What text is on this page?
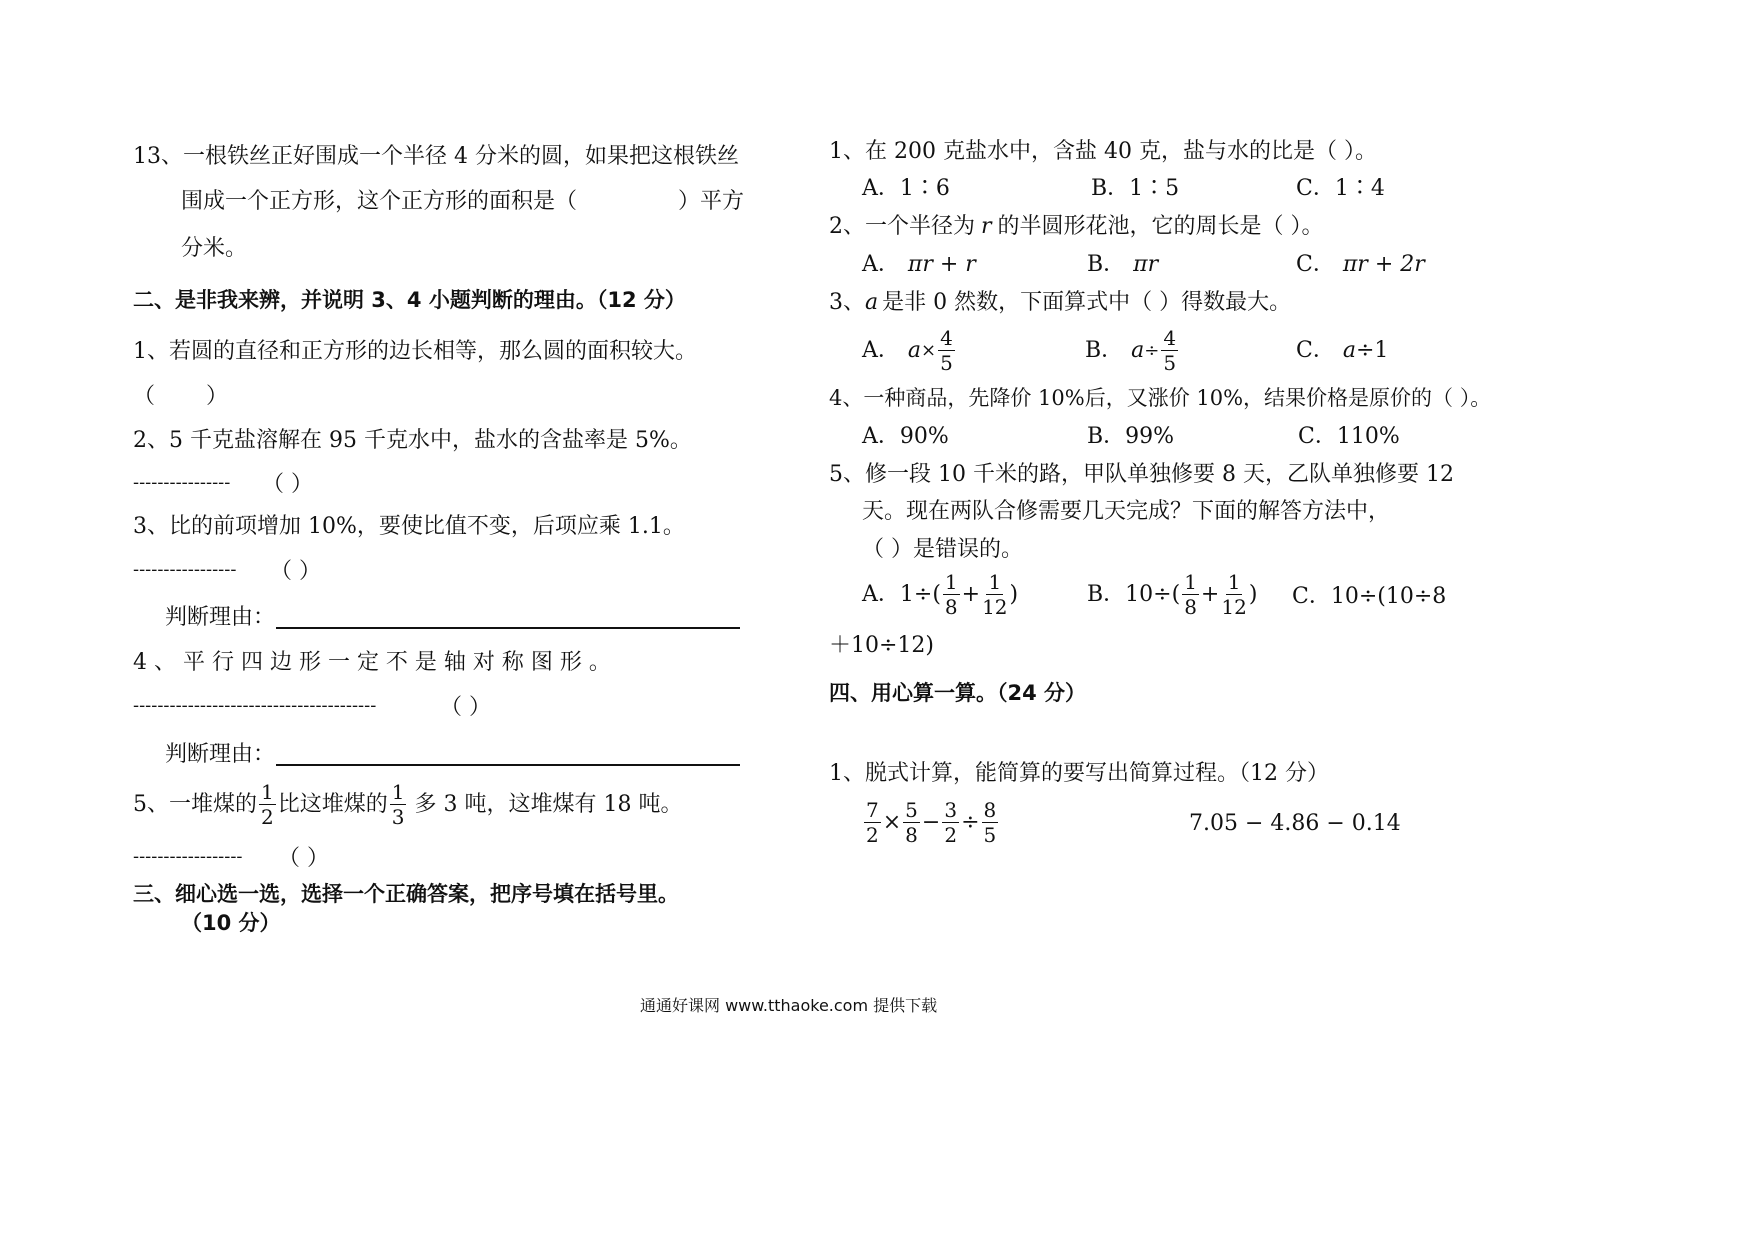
13、一根铁丝正好围成一个半径 4 分米的圆，如果把这根铁丝
围成一个正方形，这个正方形的面积是（	）平方
分米。
二、是非我来辨，并说明 3、4 小题判断的理由。（12 分）
1、若圆的直径和正方形的边长相等，那么圆的面积较大。
（ ）
2、5 千克盐溶解在 95 千克水中，盐水的含盐率是 5%。
---------------- （ ）
3、比的前项增加 10%，要使比值不变，后项应乘 1.1。
----------------- （ ）
判断理由：
4 、 平 行 四 边 形 一 定 不 是 轴 对 称 图 形 。
----------------------------------------	（ ）
判断理由：
5、一堆煤的 $\frac{1}{2}$ 比这堆煤的 $\frac{1}{3}$ 多 3 吨，这堆煤有 18 吨。
------------------ （ ）
三、细心选一选，选择一个正确答案，把序号填在括号里。
（10 分）
1、在 200 克盐水中，含盐 40 克，盐与水的比是（ ）。
A．1∶6	B．1∶5	C．1∶4
2、一个半径为 r 的半圆形花池，它的周长是（ ）。
A． πr + r	B． πr	C． πr + 2r
3、a 是非 0 然数，下面算式中（ ）得数最大。
A． $a \times \frac{4}{5}$	B． $a \div \frac{4}{5}$	C． a÷1
4、一种商品，先降价 10%后，又涨价 10%，结果价格是原价的（ ）。
A．90%	B．99%	C．110%
5、修一段 10 千米的路，甲队单独修要 8 天，乙队单独修要 12
天。现在两队合修需要几天完成？下面的解答方法中，
（ ）是错误的。
A．$1\div( \frac{1}{8} + \frac{1}{12}$ )	B．$10\div( \frac{1}{8} + \frac{1}{12}$ ) C．10÷(10÷8
＋10÷12)
四、用心算一算。（24 分）
1、脱式计算，能简算的要写出简算过程。（12 分）
$\frac{7}{2} \times \frac{5}{8} - \frac{3}{2} \div \frac{8}{5}$	7.05 − 4.86 − 0.14
通通好课网 www.tthaoke.com 提供下载
